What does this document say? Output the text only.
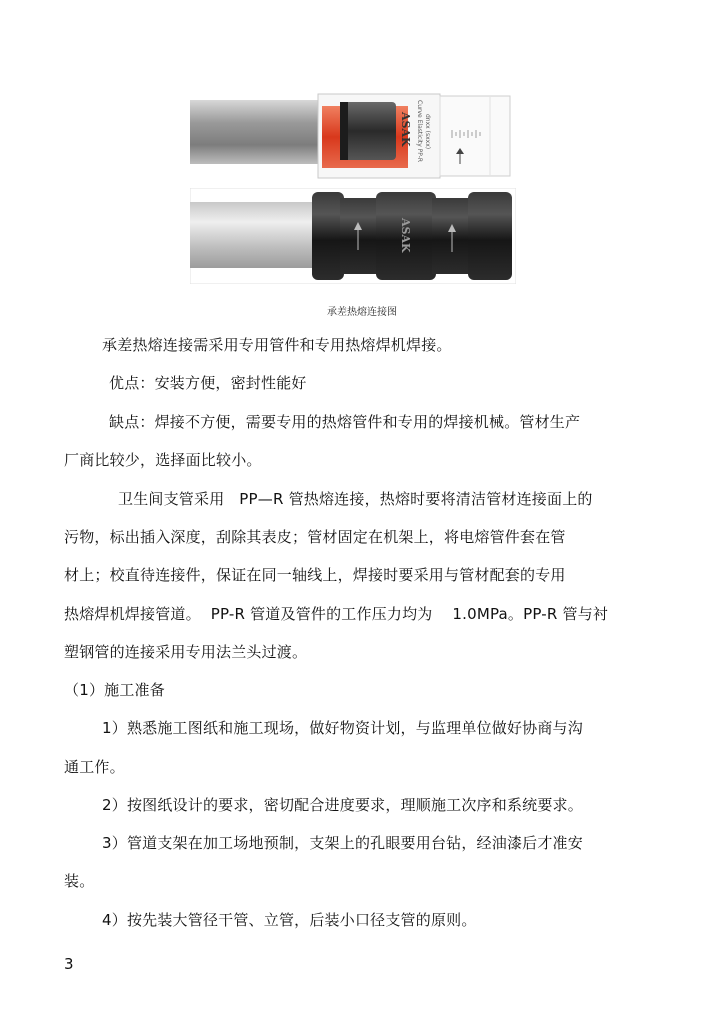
ASAK Curve Elasticity PP-R dnxx (sxxx)
ASAK
承差热熔连接图
承差热熔连接需采用专用管件和专用热熔焊机焊接。
优点：安装方便，密封性能好
缺点：焊接不方便，需要专用的热熔管件和专用的焊接机械。管材生产
厂商比较少，选择面比较小。
卫生间支管采用   PP—R 管热熔连接，热熔时要将清洁管材连接面上的
污物，标出插入深度，刮除其表皮；管材固定在机架上，将电熔管件套在管
材上；校直待连接件，保证在同一轴线上，焊接时要采用与管材配套的专用
热熔焊机焊接管道。  PP-R 管道及管件的工作压力均为    1.0MPa。PP-R 管与衬
塑钢管的连接采用专用法兰头过渡。
（1）施工准备
1）熟悉施工图纸和施工现场，做好物资计划，与监理单位做好协商与沟
通工作。
2）按图纸设计的要求，密切配合进度要求，理顺施工次序和系统要求。
3）管道支架在加工场地预制，支架上的孔眼要用台钻，经油漆后才准安
装。
4）按先装大管径干管、立管，后装小口径支管的原则。
3
